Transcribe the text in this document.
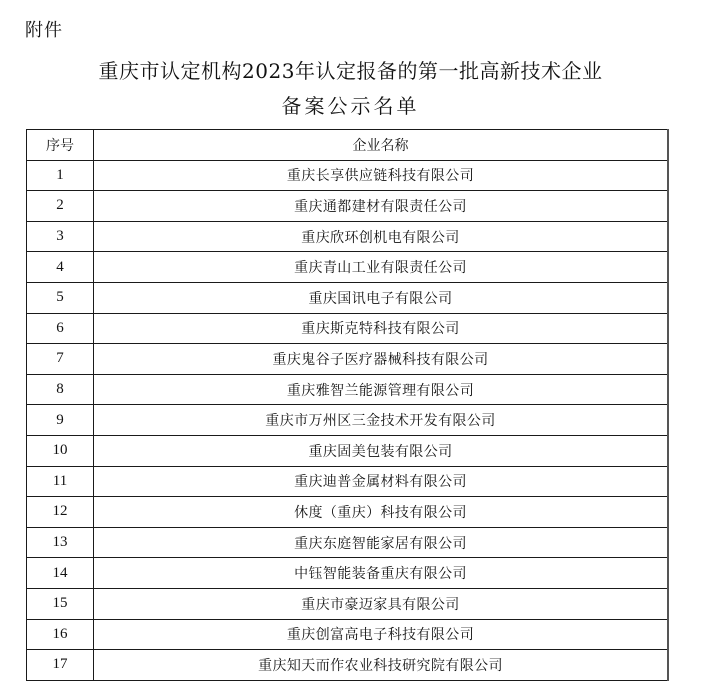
附件
重庆市认定机构2023年认定报备的第一批高新技术企业
备案公示名单
序号	企业名称
1	重庆长享供应链科技有限公司
2	重庆通都建材有限责任公司
3	重庆欣环创机电有限公司
4	重庆青山工业有限责任公司
5	重庆国讯电子有限公司
6	重庆斯克特科技有限公司
7	重庆鬼谷子医疗器械科技有限公司
8	重庆雅智兰能源管理有限公司
9	重庆市万州区三金技术开发有限公司
10	重庆固美包装有限公司
11	重庆迪普金属材料有限公司
12	休度（重庆）科技有限公司
13	重庆东庭智能家居有限公司
14	中钰智能装备重庆有限公司
15	重庆市豪迈家具有限公司
16	重庆创富高电子科技有限公司
17	重庆知天而作农业科技研究院有限公司
